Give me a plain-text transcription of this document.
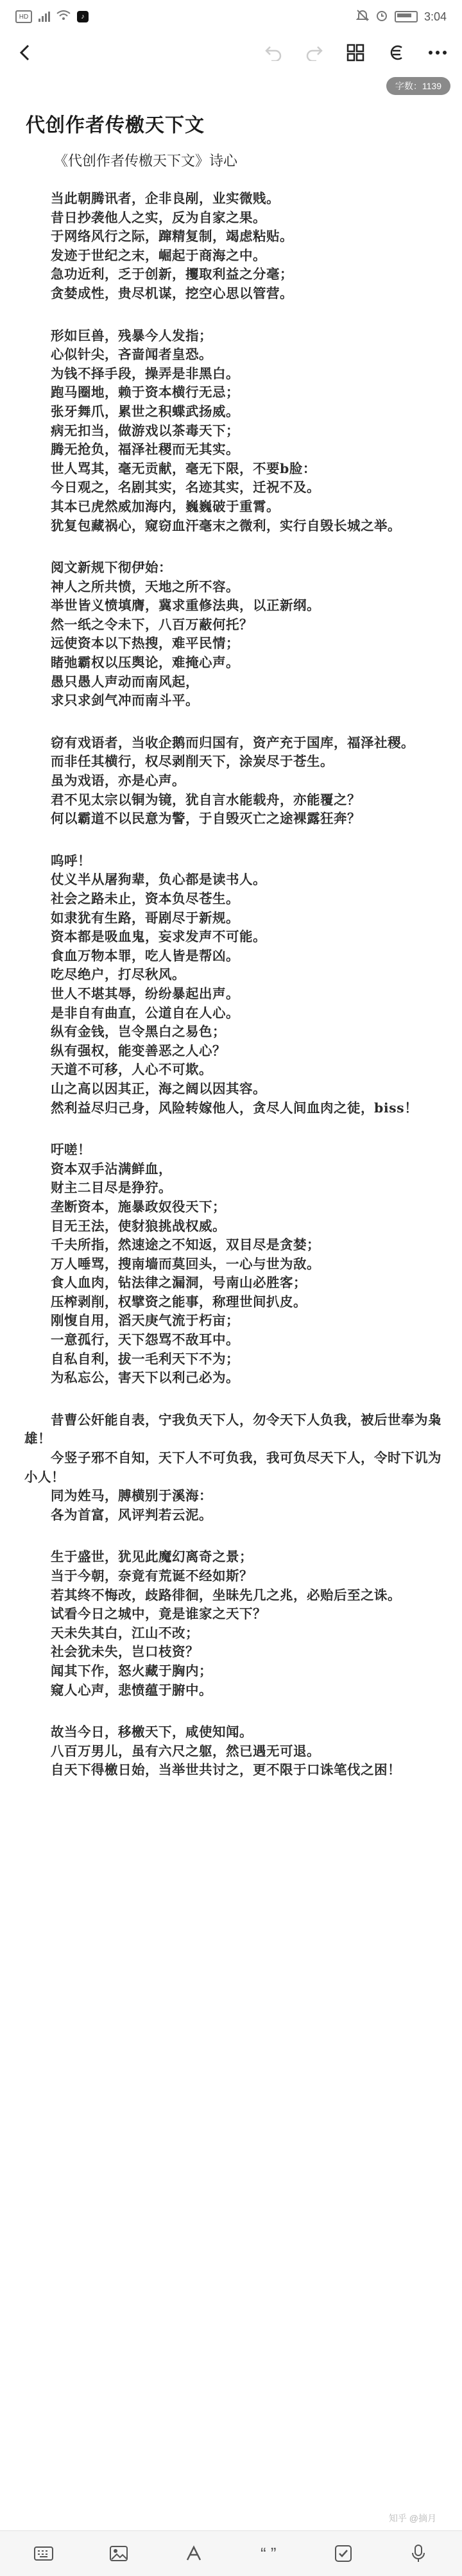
HD	♪	3:04
字数：1139
代创作者传檄天下文
《代创作者传檄天下文》诗心
当此朝腾讯者，企非良剐，业实微贱。
昔日抄袭他人之实，反为自家之果。
于网络风行之际，蹿精复制，竭虑粘贴。
发迹于世纪之末，崛起于商海之中。
急功近利，乏于创新，攫取利益之分毫；
贪婪成性，贵尽机谋，挖空心思以管营。
形如巨兽，残暴今人发指；
心似针尖，吝啬闻者皇恐。
为钱不择手段，操弄是非黑白。
跑马圈地，赖于资本横行无忌；
张牙舞爪，累世之积蝶武扬威。
病无扣当，做游戏以茶毒天下；
腾无抢负，福泽社稷而无其实。
世人骂其，毫无贡献，毫无下限，不要b脸：
今日观之，名剧其实，名迹其实，迁祝不及。
其本已虎然威加海内，巍巍破于重霄。
犹复包藏祸心，窥窃血汗毫末之微利，实行自毁长城之举。
阅文新规下彻伊始：
神人之所共愤，天地之所不容。
举世皆义愤填膺，冀求重修法典，以正新纲。
然一纸之令未下，八百万蔽何托？
远使资本以下热搜，难平民情；
睹弛霸权以压舆论，难掩心声。
愚只愚人声动而南风起，
求只求剑气冲而南斗平。
窃有戏语者，当收企鹅而归国有，资产充于国库，福泽社稷。
而非任其横行，权尽剥削天下，涂炭尽于苍生。
虽为戏语，亦是心声。
君不见太宗以铜为镜，犹自言水能载舟，亦能覆之？
何以霸道不以民意为警，于自毁灭亡之途裸露狂奔？
呜呼！
仗义半从屠狗辈，负心都是读书人。
社会之路未止，资本负尽苍生。
如隶犹有生路，哥剧尽于新规。
资本都是吸血鬼，妄求发声不可能。
食血万物本罪，吃人皆是帮凶。
吃尽绝户，打尽秋风。
世人不堪其辱，纷纷暴起出声。
是非自有曲直，公道自在人心。
纵有金钱，岂令黑白之易色；
纵有强权，能变善恶之人心？
天道不可移，人心不可欺。
山之高以因其正，海之阔以因其容。
然利益尽归己身，风险转嫁他人，贪尽人间血肉之徒，biss！
吁嗟！
资本双手沾满鲜血，
财主二目尽是狰狞。
垄断资本，施暴政奴役天下；
目无王法，使豺狼挑战权威。
千夫所指，然速途之不知返，双目尽是贪婪；
万人唾骂，搜南墙而莫回头，一心与世为敌。
食人血肉，钻法律之漏洞，号南山必胜客；
压榨剥削，权擘资之能事，称理世间扒皮。
刚愎自用，滔天庚气流于朽亩；
一意孤行，天下怨骂不敌耳中。
自私自利，拔一毛利天下不为；
为私忘公，害天下以利己必为。
昔曹公奸能自表，宁我负天下人，勿令天下人负我，被后世奉为枭雄！
今竖子邪不自知，天下人不可负我，我可负尽天下人，令时下讥为小人！
同为姓马，膊横别于溪海：
各为首富，风评判若云泥。
生于盛世，犹见此魔幻离奇之景；
当于今朝，奈竟有荒诞不经如斯？
若其终不悔改，歧路徘徊，坐昧先几之兆，必贻后至之诛。
试看今日之城中，竟是谁家之天下？
天未失其白，江山不改；
社会犹未失，岂口枝资？
闻其下作，怒火藏于胸内；
窥人心声，悲愤蕴于腑中。
故当今日，移檄天下，咸使知闻。
八百万男儿，虽有六尺之躯，然已遇无可退。
自天下得檄日始，当举世共讨之，更不限于口诛笔伐之困！
知乎 @摘月
“ ”
